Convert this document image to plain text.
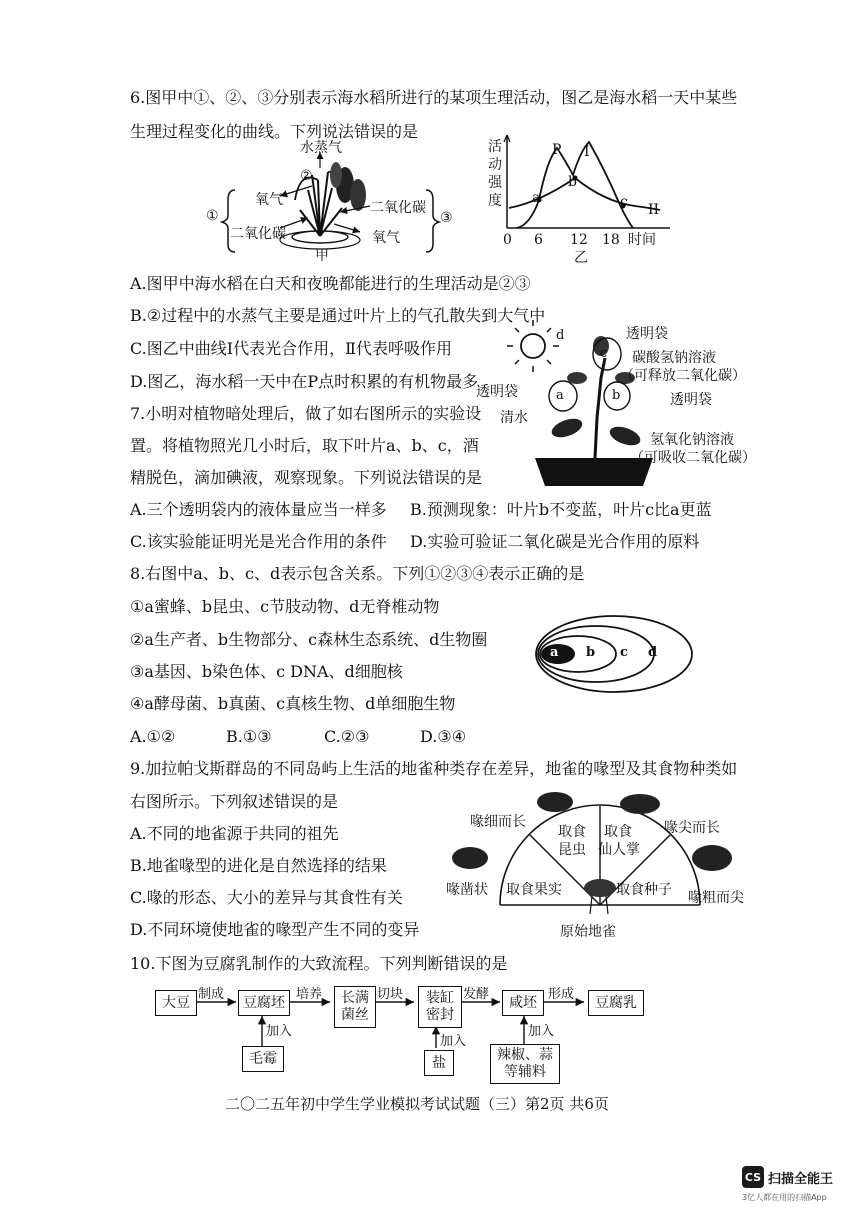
6.图甲中①、②、③分别表示海水稻所进行的某项生理活动，图乙是海水稻一天中某些
生理过程变化的曲线。下列说法错误的是
水蒸气
②
氧气
二氧化碳
①	二氧化碳
氧气
③
甲
活
动
强
度
P I
a
b
c II
0 6 12 18 时间
乙
A.图甲中海水稻在白天和夜晚都能进行的生理活动是②③
B.②过程中的水蒸气主要是通过叶片上的气孔散失到大气中
C.图乙中曲线Ⅰ代表光合作用，Ⅱ代表呼吸作用
D.图乙，海水稻一天中在P点时积累的有机物最多
7.小明对植物暗处理后，做了如右图所示的实验设
置。将植物照光几小时后，取下叶片a、b、c，酒
精脱色，滴加碘液，观察现象。下列说法错误的是
d
c
a	b
透明袋
碳酸氢钠溶液
（可释放二氧化碳）
透明袋	透明袋
清水
氢氧化钠溶液
（可吸收二氧化碳）
A.三个透明袋内的液体量应当一样多 B.预测现象：叶片b不变蓝，叶片c比a更蓝
C.该实验能证明光是光合作用的条件 D.实验可验证二氧化碳是光合作用的原料
8.右图中a、b、c、d表示包含关系。下列①②③④表示正确的是
①a蜜蜂、b昆虫、c节肢动物、d无脊椎动物
②a生产者、b生物部分、c森林生态系统、d生物圈
③a基因、b染色体、c DNA、d细胞核
④a酵母菌、b真菌、c真核生物、d单细胞生物
a b c d
A.①②	B.①③	C.②③	D.③④
9.加拉帕戈斯群岛的不同岛屿上生活的地雀种类存在差异，地雀的喙型及其食物种类如
右图所示。下列叙述错误的是
A.不同的地雀源于共同的祖先
B.地雀喙型的进化是自然选择的结果
C.喙的形态、大小的差异与其食性有关
D.不同环境使地雀的喙型产生不同的变异
喙细而长	喙尖而长
喙凿状	喙粗而尖
取食
昆虫
取食
仙人掌
取食果实	取食种子
原始地雀
10.下图为豆腐乳制作的大致流程。下列判断错误的是
大豆 制成	豆腐坯 培养 长满
菌丝
切块 装缸
密封
发酵	咸坯 形成	豆腐乳
加入
毛霉
加入
盐
加入
辣椒、蒜
等辅料
二〇二五年初中学生学业模拟考试试题（三）第2页 共6页
CS 扫描全能王
3亿人都在用的扫描App
